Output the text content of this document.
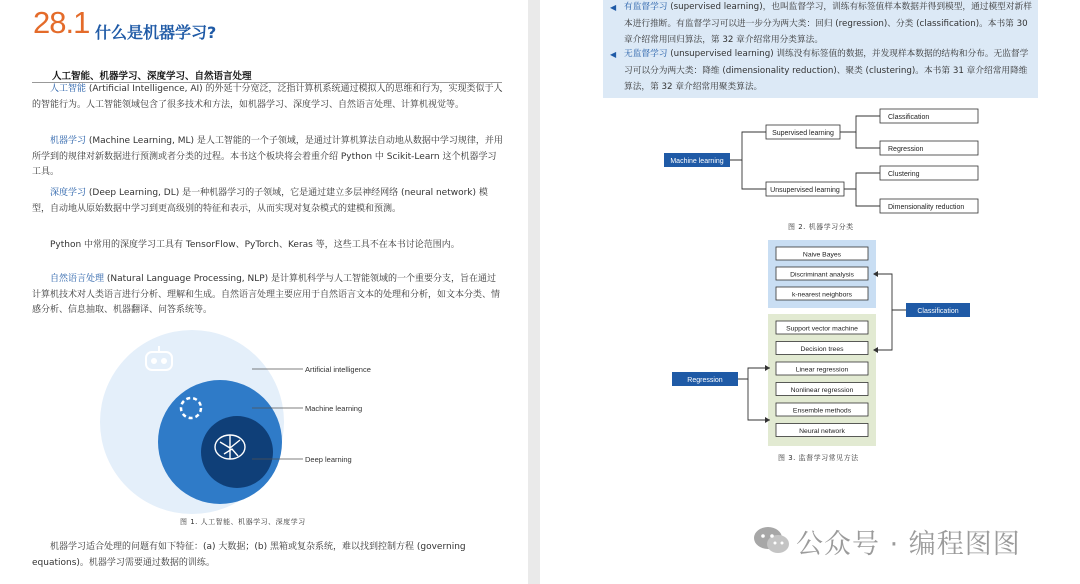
28.1 什么是机器学习?
人工智能、机器学习、深度学习、自然语言处理

人工智能 (Artificial Intelligence, AI) 的外延十分宽泛，泛指计算机系统通过模拟人的思维和行为，实现类似于人的智能行为。人工智能领域包含了很多技术和方法，如机器学习、深度学习、自然语言处理、计算机视觉等。

机器学习 (Machine Learning, ML) 是人工智能的一个子领域，是通过计算机算法自动地从数据中学习规律，并用所学到的规律对新数据进行预测或者分类的过程。本书这个板块将会着重介绍 Python 中 Scikit-Learn 这个机器学习工具。

深度学习 (Deep Learning, DL) 是一种机器学习的子领域，它是通过建立多层神经网络 (neural network) 模型，自动地从原始数据中学习到更高级别的特征和表示，从而实现对复杂模式的建模和预测。

Python 中常用的深度学习工具有 TensorFlow、PyTorch、Keras 等，这些工具不在本书讨论范围内。

自然语言处理 (Natural Language Processing, NLP) 是计算机科学与人工智能领域的一个重要分支，旨在通过计算机技术对人类语言进行分析、理解和生成。自然语言处理主要应用于自然语言文本的处理和分析，如文本分类、情感分析、信息抽取、机器翻译、问答系统等。

Artificial intelligence
Machine learning
Deep learning
图 1. 人工智能、机器学习、深度学习

机器学习适合处理的问题有如下特征：(a) 大数据；(b) 黑箱或复杂系统，难以找到控制方程 (governing equations)。机器学习需要通过数据的训练。

◀ 有监督学习 (supervised learning)，也叫监督学习，训练有标签值样本数据并得到模型，通过模型对新样本进行推断。有监督学习可以进一步分为两大类：回归 (regression)、分类 (classification)。本书第 30 章介绍常用回归算法，第 32 章介绍常用分类算法。
◀ 无监督学习 (unsupervised learning) 训练没有标签值的数据，并发现样本数据的结构和分布。无监督学习可以分为两大类：降维 (dimensionality reduction)、聚类 (clustering)。本书第 31 章介绍常用降维算法，第 32 章介绍常用聚类算法。
Machine learning
Supervised learning
Unsupervised learning
Classification
Regression
Clustering
Dimensionality reduction
图 2. 机器学习分类
Classification
Regression
Naive Bayes
Discriminant analysis
k-nearest neighbors
Support vector machine
Decision trees
Linear regression
Nonlinear regression
Ensemble methods
Neural network
图 3. 监督学习常见方法
公众号 · 编程图图
